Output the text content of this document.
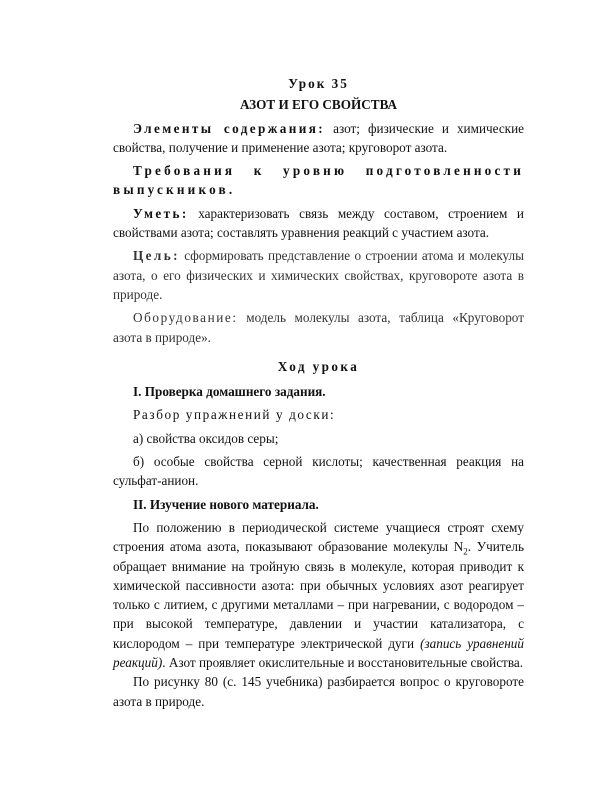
Урок 35
АЗОТ И ЕГО СВОЙСТВА

Элементы содержания: азот; физические и химические свойства, получение и применение азота; круговорот азота.

Требования к уровню подготовленности выпускников.

Уметь: характеризовать связь между составом, строением и свойствами азота; составлять уравнения реакций с участием азота.

Цель: сформировать представление о строении атома и молекулы азота, о его физических и химических свойствах, круговороте азота в природе.

Оборудование: модель молекулы азота, таблица «Круговорот азота в природе».

Ход урока

I. Проверка домашнего задания.

Разбор упражнений у доски:

а) свойства оксидов серы;

б) особые свойства серной кислоты; качественная реакция на сульфат-анион.

II. Изучение нового материала.

По положению в периодической системе учащиеся строят схему строения атома азота, показывают образование молекулы $N_2$. Учитель обращает внимание на тройную связь в молекуле, которая приводит к химической пассивности азота: при обычных условиях азот реагирует только с литием, с другими металлами – при нагревании, с водородом – при высокой температуре, давлении и участии катализатора, с кислородом – при температуре электрической дуги (запись уравнений реакций). Азот проявляет окислительные и восстановительные свойства.

По рисунку 80 (с. 145 учебника) разбирается вопрос о круговороте азота в природе.
